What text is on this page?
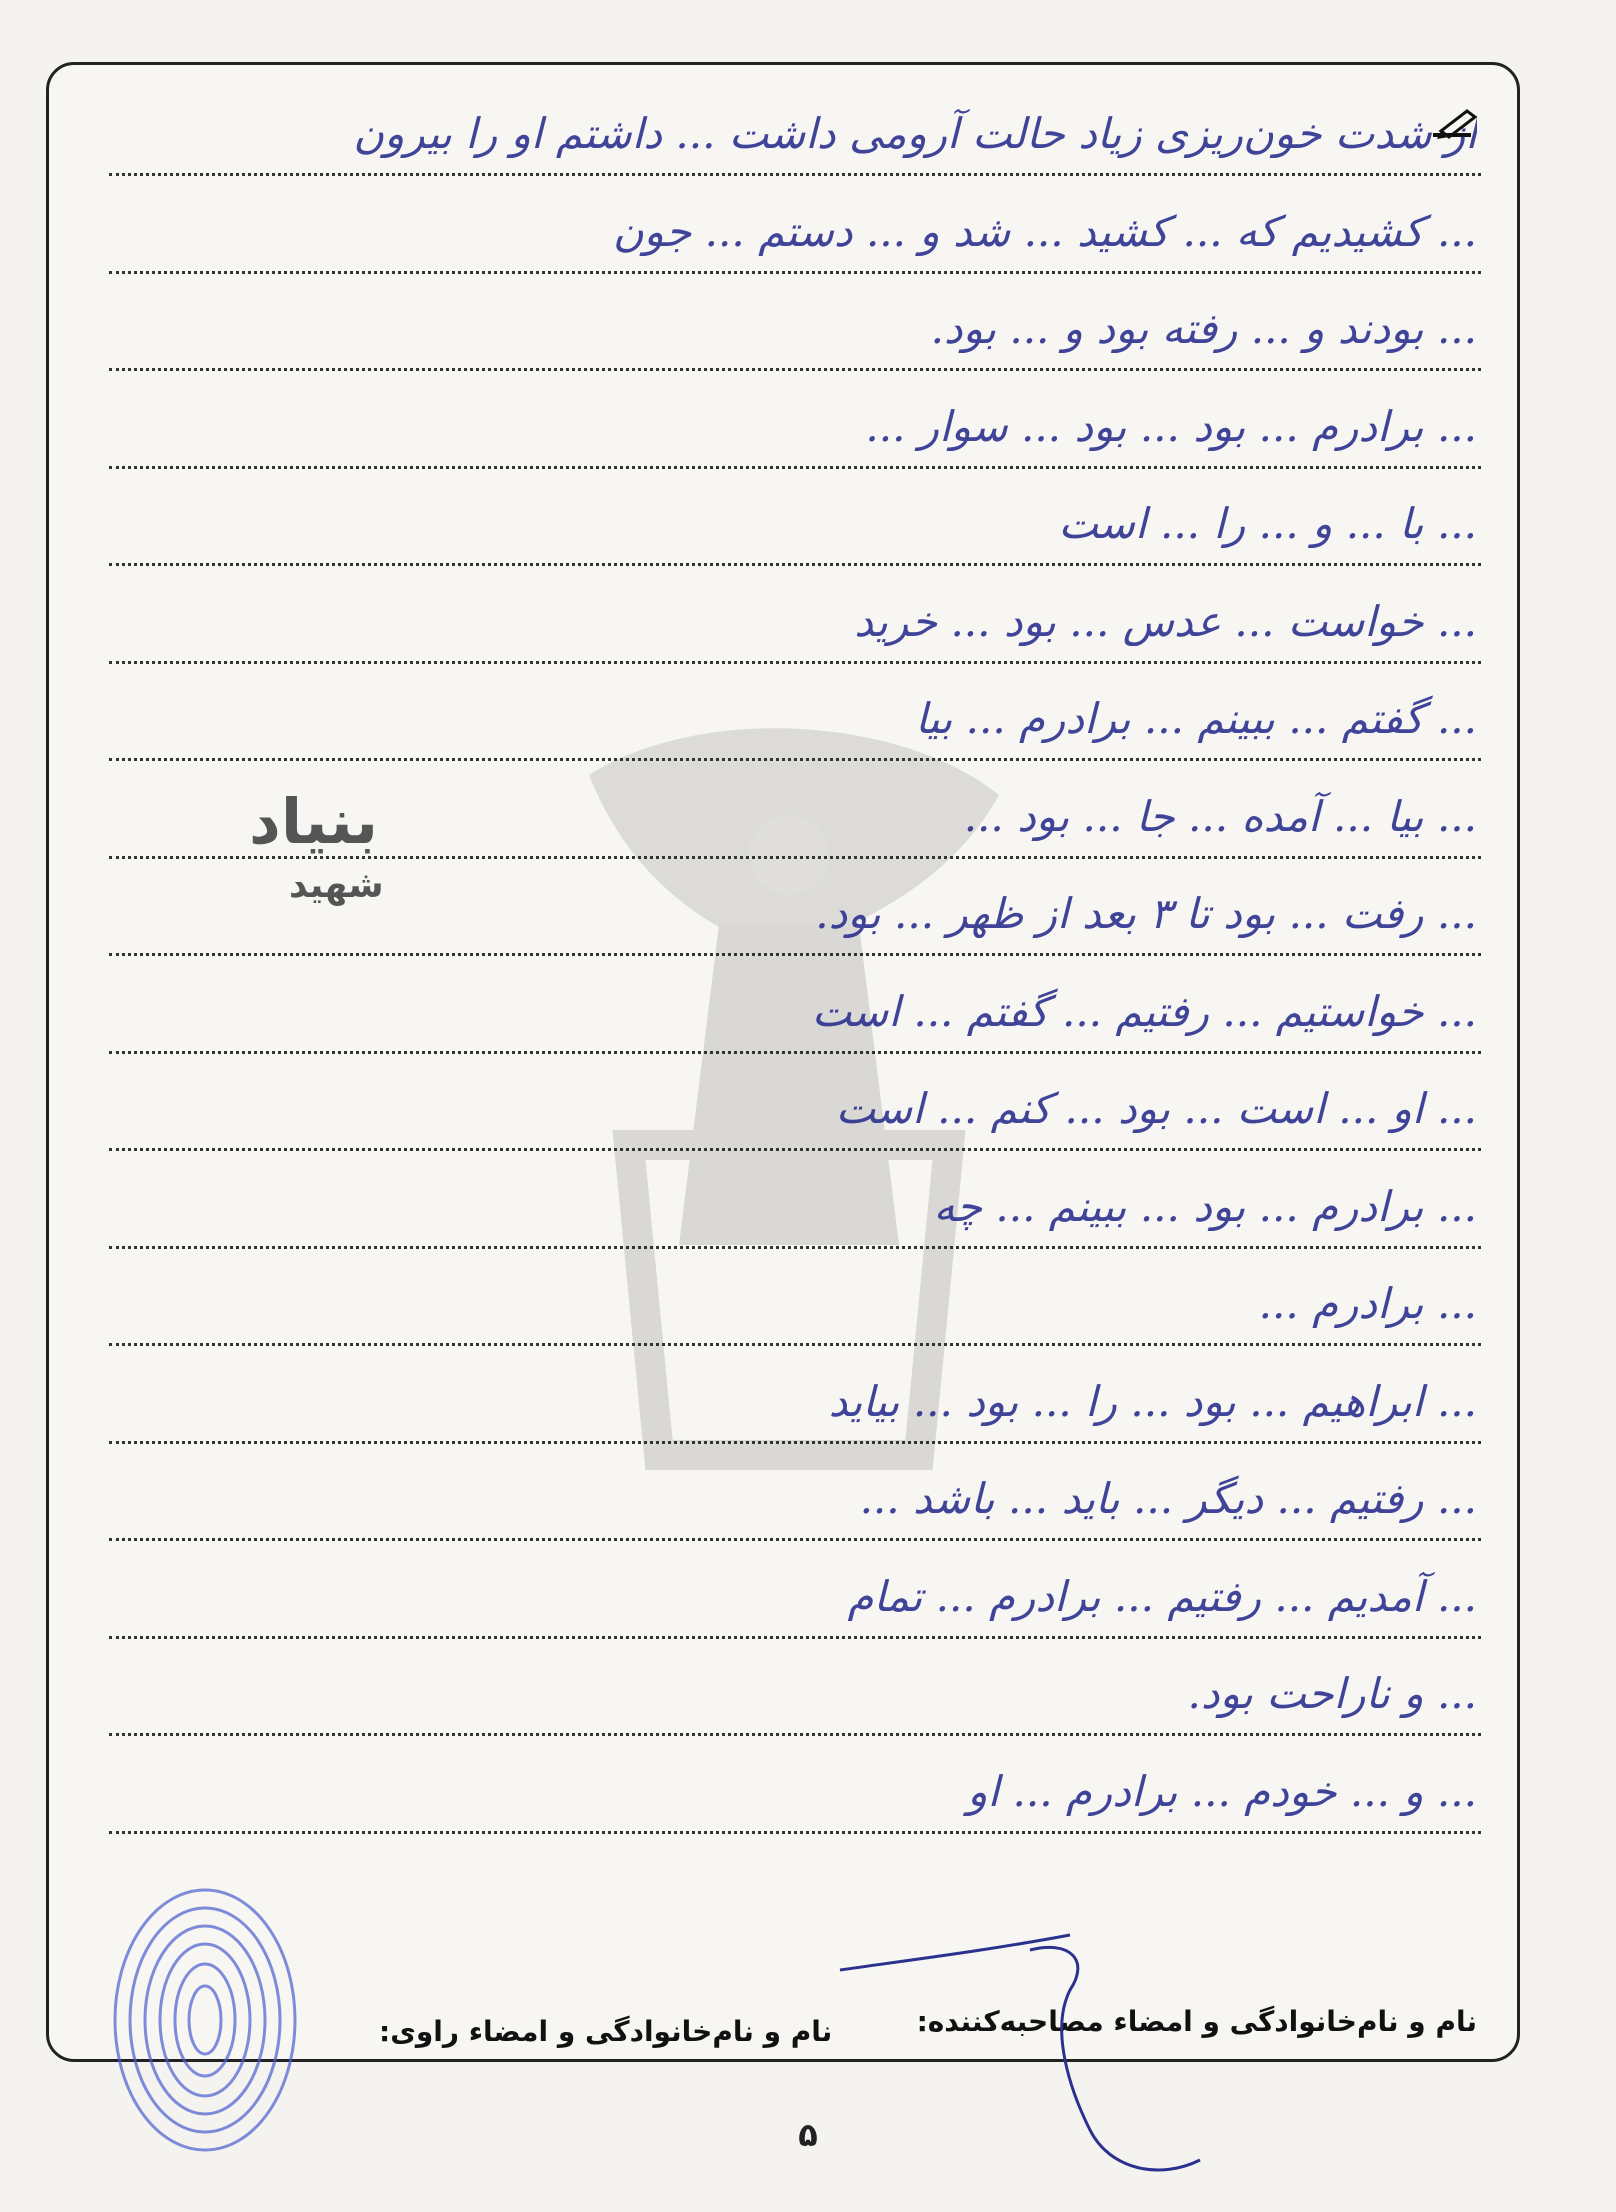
بنیاد
شهید
از شدت خون‌ریزی زیاد حالت آرومی داشت ... داشتم او را بیرون
... کشیدیم که ... کشید ... شد و ... دستم ... جون
... بودند و ... رفته بود و ... بود.
... برادرم ... بود ... بود ... سوار ...
... با ... و ... را ... است
... خواست ... عدس ... بود ... خرید
... گفتم ... ببینم ... برادرم ... بیا
... بیا ... آمده ... جا ... بود ...
... رفت ... بود تا ۳ بعد از ظهر ... بود.
... خواستیم ... رفتیم ... گفتم ... است
... او ... است ... بود ... کنم ... است
... برادرم ... بود ... ببینم ... چه
... برادرم ...
... ابراهیم ... بود ... را ... بود ... بیاید
... رفتیم ... دیگر ... باید ... باشد ...
... آمدیم ... رفتیم ... برادرم ... تمام
... و ناراحت بود.
... و ... خودم ... برادرم ... او
نام و نام‌خانوادگی و امضاء مصاحبه‌کننده:
نام و نام‌خانوادگی و امضاء راوی:
۵
